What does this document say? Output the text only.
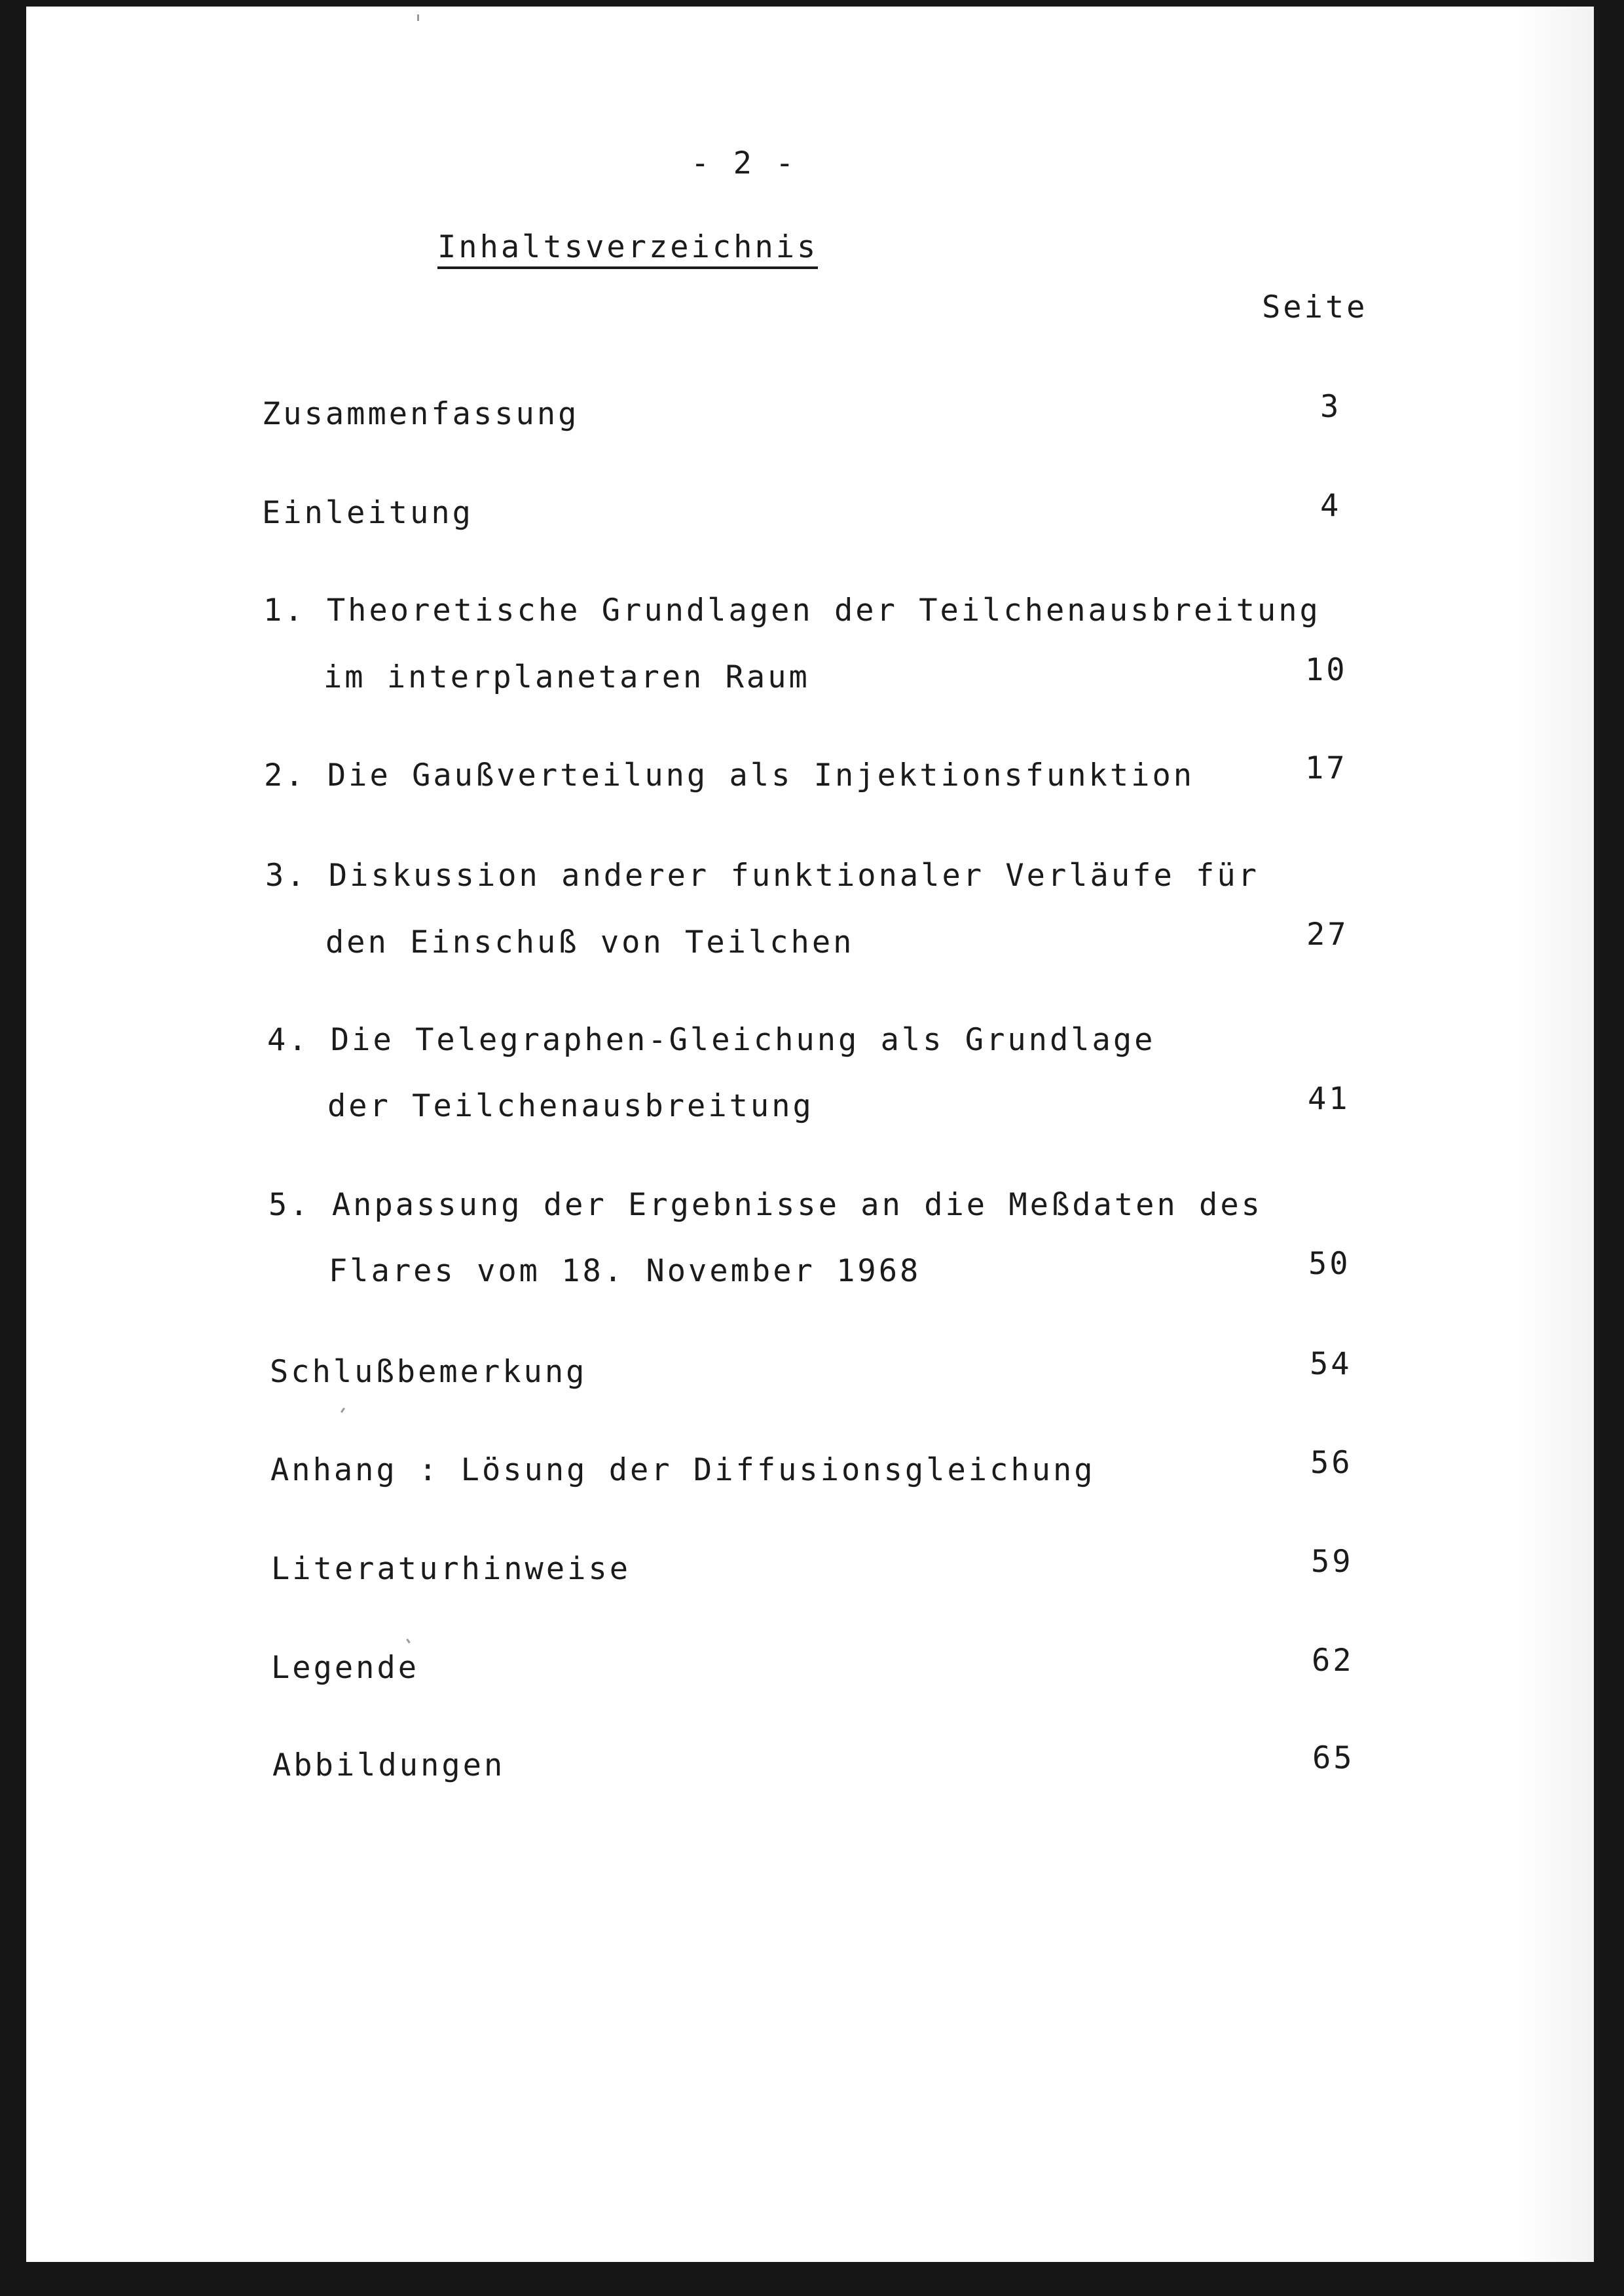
- 2 -
Inhaltsverzeichnis
Seite
Zusammenfassung	3
Einleitung	4
1. Theoretische Grundlagen der Teilchenausbreitung
im interplanetaren Raum	10
2. Die Gaußverteilung als Injektionsfunktion	17
3. Diskussion anderer funktionaler Verläufe für
den Einschuß von Teilchen	27
4. Die Telegraphen-Gleichung als Grundlage
der Teilchenausbreitung	41
5. Anpassung der Ergebnisse an die Meßdaten des
Flares vom 18. November 1968	50
Schlußbemerkung	54
Anhang : Lösung der Diffusionsgleichung	56
Literaturhinweise	59
Legende	62
Abbildungen	65
